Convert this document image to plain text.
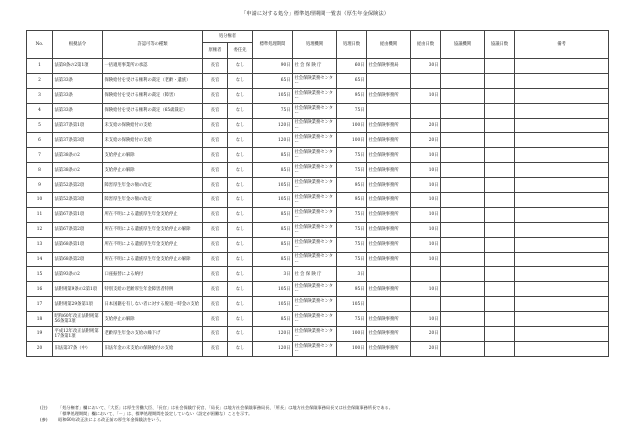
「申請に対する処分」標準処理期間一覧表（厚生年金保険法）
No.	根拠法令	許認可等の種類	処分権者		標準処理期間	処理機関	処理日数	経由機関	経由日数	協議機関	協議日数	備考
			原権者	委任先								
1	法第8条の2第1項	一括適用事業所の承認	長官	なし	90日	社 会 保 険 庁	60日	社会保険事務局	30日			
2	法第33条	保険給付を受ける権利の裁定（老齢・遺族）	長官	なし	65日	社会保険業務センター	65日					
3	法第33条	保険給付を受ける権利の裁定（障害）	長官	なし	105日	社会保険業務センター	95日	社会保険事務所	10日			
4	法第33条	保険給付を受ける権利の裁定（65歳裁定）	長官	なし	75日	社会保険業務センター	75日					
5	法第37条第1項	未支給の保険給付の支給	長官	なし	120日	社会保険業務センター	100日	社会保険事務所	20日			
6	法第37条第3項	未支給の保険給付の支給	長官	なし	120日	社会保険業務センター	100日	社会保険事務所	20日			
7	法第38条の2	支給停止の解除	長官	なし	85日	社会保険業務センター	75日	社会保険事務所	10日			
8	法第38条の2	支給停止の解除	長官	なし	85日	社会保険業務センター	75日	社会保険事務所	10日			
9	法第52条第2項	障害厚生年金の額の改定	長官	なし	105日	社会保険業務センター	95日	社会保険事務所	10日			
10	法第52条第3項	障害厚生年金の額の改定	長官	なし	105日	社会保険業務センター	95日	社会保険事務所	10日			
11	法第67条第1項	所在不明による遺族厚生年金支給停止	長官	なし	85日	社会保険業務センター	75日	社会保険事務所	10日			
12	法第67条第2項	所在不明による遺族厚生年金支給停止の解除	長官	なし	85日	社会保険業務センター	75日	社会保険事務所	10日			
13	法第68条第1項	所在不明による遺族厚生年金支給停止	長官	なし	85日	社会保険業務センター	75日	社会保険事務所	10日			
14	法第68条第2項	所在不明による遺族厚生年金支給停止の解除	長官	なし	85日	社会保険業務センター	75日	社会保険事務所	10日			
15	法第93条の2	口座振替による納付	長官	なし	3日	社 会 保 険 庁	3日					
16	法附則第9条の2第1項	特別支給の老齢厚生年金障害者特例	長官	なし	105日	社会保険業務センター	95日	社会保険事務所	10日			
17	法附則第29条第1項	日本国籍を有しない者に対する脱退一時金の支給	長官	なし	105日	社会保険業務センター	105日					
18	昭和60年改正法附則第56条第3項	支給停止の解除	長官	なし	85日	社会保険業務センター	75日	社会保険事務所	10日			
19	平成12年改正法附則第17条第1項	老齢厚生年金の支給の繰下げ	長官	なし	120日	社会保険業務センター	100日	社会保険事務所	20日			
20	旧法第37条（中）	旧法年金の未支給の保険給付の支給	長官	なし	120日	社会保険業務センター	100日	社会保険事務所	20日			
(注)	「処分権者」欄において、「大臣」は厚生労働大臣、「長官」は社会保険庁長官、「局長」は地方社会保険事務局長、「所長」は地方社会保険事務局長又は社会保険事務所長である。
「標準処理期間」欄において、「－」は、標準処理期間を設定していない（設定が困難な）ことを示す。
(参)	昭和60年改正法による改正前の厚生年金保険法をいう。
